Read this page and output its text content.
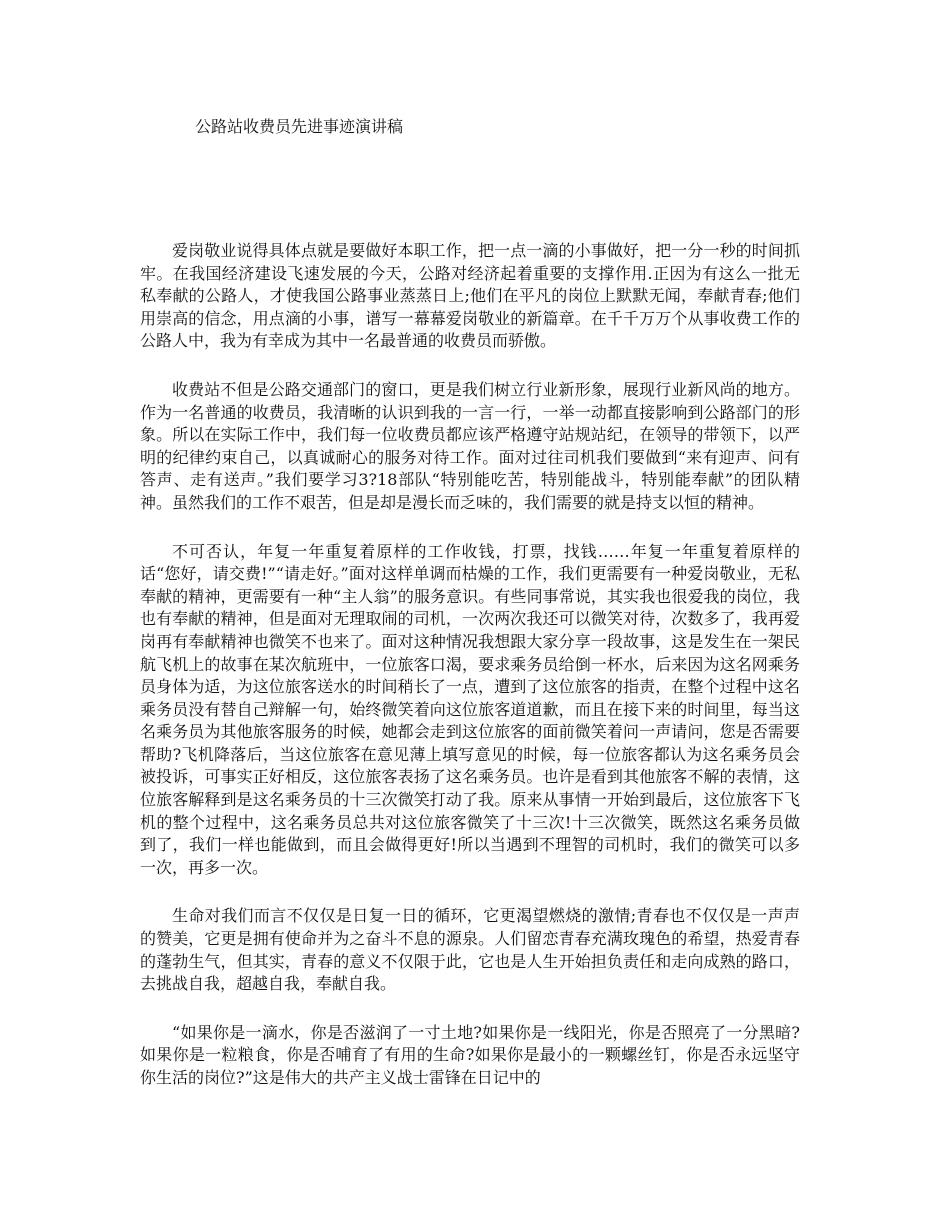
公路站收费员先进事迹演讲稿

爱岗敬业说得具体点就是要做好本职工作，把一点一滴的小事做好，把一分一秒的时间抓牢。在我国经济建设飞速发展的今天，公路对经济起着重要的支撑作用.正因为有这么一批无私奉献的公路人，才使我国公路事业蒸蒸日上;他们在平凡的岗位上默默无闻，奉献青春;他们用崇高的信念，用点滴的小事，谱写一幕幕爱岗敬业的新篇章。在千千万万个从事收费工作的公路人中，我为有幸成为其中一名最普通的收费员而骄傲。

收费站不但是公路交通部门的窗口，更是我们树立行业新形象，展现行业新风尚的地方。作为一名普通的收费员，我清晰的认识到我的一言一行，一举一动都直接影响到公路部门的形象。所以在实际工作中，我们每一位收费员都应该严格遵守站规站纪，在领导的带领下，以严明的纪律约束自己，以真诚耐心的服务对待工作。面对过往司机我们要做到“来有迎声、问有答声、走有送声。”我们要学习3?18部队“特别能吃苦，特别能战斗，特别能奉献”的团队精神。虽然我们的工作不艰苦，但是却是漫长而乏味的，我们需要的就是持支以恒的精神。

不可否认，年复一年重复着原样的工作收钱，打票，找钱……年复一年重复着原样的话“您好，请交费!”“请走好。”面对这样单调而枯燥的工作，我们更需要有一种爱岗敬业，无私奉献的精神，更需要有一种“主人翁”的服务意识。有些同事常说，其实我也很爱我的岗位，我也有奉献的精神，但是面对无理取闹的司机，一次两次我还可以微笑对待，次数多了，我再爱岗再有奉献精神也微笑不也来了。面对这种情况我想跟大家分享一段故事，这是发生在一架民航飞机上的故事在某次航班中，一位旅客口渴，要求乘务员给倒一杯水，后来因为这名网乘务员身体为适，为这位旅客送水的时间稍长了一点，遭到了这位旅客的指责，在整个过程中这名乘务员没有替自己辩解一句，始终微笑着向这位旅客道道歉，而且在接下来的时间里，每当这名乘务员为其他旅客服务的时候，她都会走到这位旅客的面前微笑着问一声请问，您是否需要帮助?飞机降落后，当这位旅客在意见薄上填写意见的时候，每一位旅客都认为这名乘务员会被投诉，可事实正好相反，这位旅客表扬了这名乘务员。也许是看到其他旅客不解的表情，这位旅客解释到是这名乘务员的十三次微笑打动了我。原来从事情一开始到最后，这位旅客下飞机的整个过程中，这名乘务员总共对这位旅客微笑了十三次!十三次微笑，既然这名乘务员做到了，我们一样也能做到，而且会做得更好!所以当遇到不理智的司机时，我们的微笑可以多一次，再多一次。

生命对我们而言不仅仅是日复一日的循环，它更渴望燃烧的激情;青春也不仅仅是一声声的赞美，它更是拥有使命并为之奋斗不息的源泉。人们留恋青春充满玫瑰色的希望，热爱青春的蓬勃生气，但其实，青春的意义不仅限于此，它也是人生开始担负责任和走向成熟的路口，去挑战自我，超越自我，奉献自我。

“如果你是一滴水，你是否滋润了一寸土地?如果你是一线阳光，你是否照亮了一分黑暗?如果你是一粒粮食，你是否哺育了有用的生命?如果你是最小的一颗螺丝钉，你是否永远坚守你生活的岗位?”这是伟大的共产主义战士雷锋在日记中的
